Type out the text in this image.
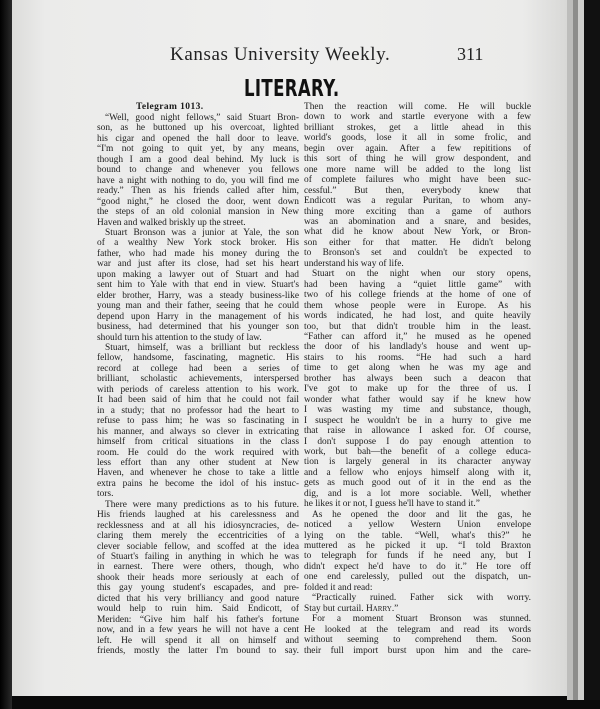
Kansas University Weekly.	311
LITERARY.
Telegram 1013.
“Well, good night fellows,” said Stuart Bron-
son, as he buttoned up his overcoat, lighted
his cigar and opened the hall door to leave.
“I'm not going to quit yet, by any means,
though I am a good deal behind. My luck is
bound to change and whenever you fellows
have a night with nothing to do, you will find me
ready.” Then as his friends called after him,
“good night,” he closed the door, went down
the steps of an old colonial mansion in New
Haven and walked briskly up the street.
Stuart Bronson was a junior at Yale, the son
of a wealthy New York stock broker. His
father, who had made his money during the
war and just after its close, had set his heart
upon making a lawyer out of Stuart and had
sent him to Yale with that end in view. Stuart's
elder brother, Harry, was a steady business-like
young man and their father, seeing that he could
depend upon Harry in the management of his
business, had determined that his younger son
should turn his attention to the study of law.
Stuart, himself, was a brilliant but reckless
fellow, handsome, fascinating, magnetic. His
record at college had been a series of
brilliant, scholastic achievements, interspersed
with periods of careless attention to his work.
It had been said of him that he could not fail
in a study; that no professor had the heart to
refuse to pass him; he was so fascinating in
his manner, and always so clever in extricating
himself from critical situations in the class
room. He could do the work required with
less effort than any other student at New
Haven, and whenever he chose to take a little
extra pains he become the idol of his instuc-
tors.
There were many predictions as to his future.
His friends laughed at his carelessness and
recklessness and at all his idiosyncracies, de-
claring them merely the eccentricities of a
clever sociable fellow, and scoffed at the idea
of Stuart's failing in anything in which he was
in earnest. There were others, though, who
shook their heads more seriously at each of
this gay young student's escapades, and pre-
dicted that his very brilliancy and good nature
would help to ruin him. Said Endicott, of
Meriden: “Give him half his father's fortune
now, and in a few years he will not have a cent
left. He will spend it all on himself and
friends, mostly the latter I'm bound to say.
Then the reaction will come. He will buckle
down to work and startle everyone with a few
brilliant strokes, get a little ahead in this
world's goods, lose it all in some frolic, and
begin over again. After a few repititions of
this sort of thing he will grow despondent, and
one more name will be added to the long list
of complete failures who might have been suc-
cessful.” But then, everybody knew that
Endicott was a regular Puritan, to whom any-
thing more exciting than a game of authors
was an abomination and a snare, and besides,
what did he know about New York, or Bron-
son either for that matter. He didn't belong
to Bronson's set and couldn't be expected to
understand his way of life.
Stuart on the night when our story opens,
had been having a “quiet little game” with
two of his college friends at the home of one of
them whose people were in Europe. As his
words indicated, he had lost, and quite heavily
too, but that didn't trouble him in the least.
“Father can afford it,” he mused as he opened
the door of his landlady's house and went up-
stairs to his rooms. “He had such a hard
time to get along when he was my age and
brother has always been such a deacon that
I've got to make up for the three of us. I
wonder what father would say if he knew how
I was wasting my time and substance, though,
I suspect he wouldn't be in a hurry to give me
that raise in allowance I asked for. Of course,
I don't suppose I do pay enough attention to
work, but bah—the benefit of a college educa-
tion is largely general in its character anyway
and a fellow who enjoys himself along with it,
gets as much good out of it in the end as the
dig, and is a lot more sociable. Well, whether
he likes it or not, I guess he'll have to stand it.”
As he opened the door and lit the gas, he
noticed a yellow Western Union envelope
lying on the table. “Well, what's this?” he
muttered as he picked it up. “I told Braxton
to telegraph for funds if he need any, but I
didn't expect he'd have to do it.” He tore off
one end carelessly, pulled out the dispatch, un-
folded it and read:
“Practically ruined. Father sick with worry.
Stay but curtail. Harry.”
For a moment Stuart Bronson was stunned.
He looked at the telegram and read its words
without seeming to comprehend them. Soon
their full import burst upon him and the care-
